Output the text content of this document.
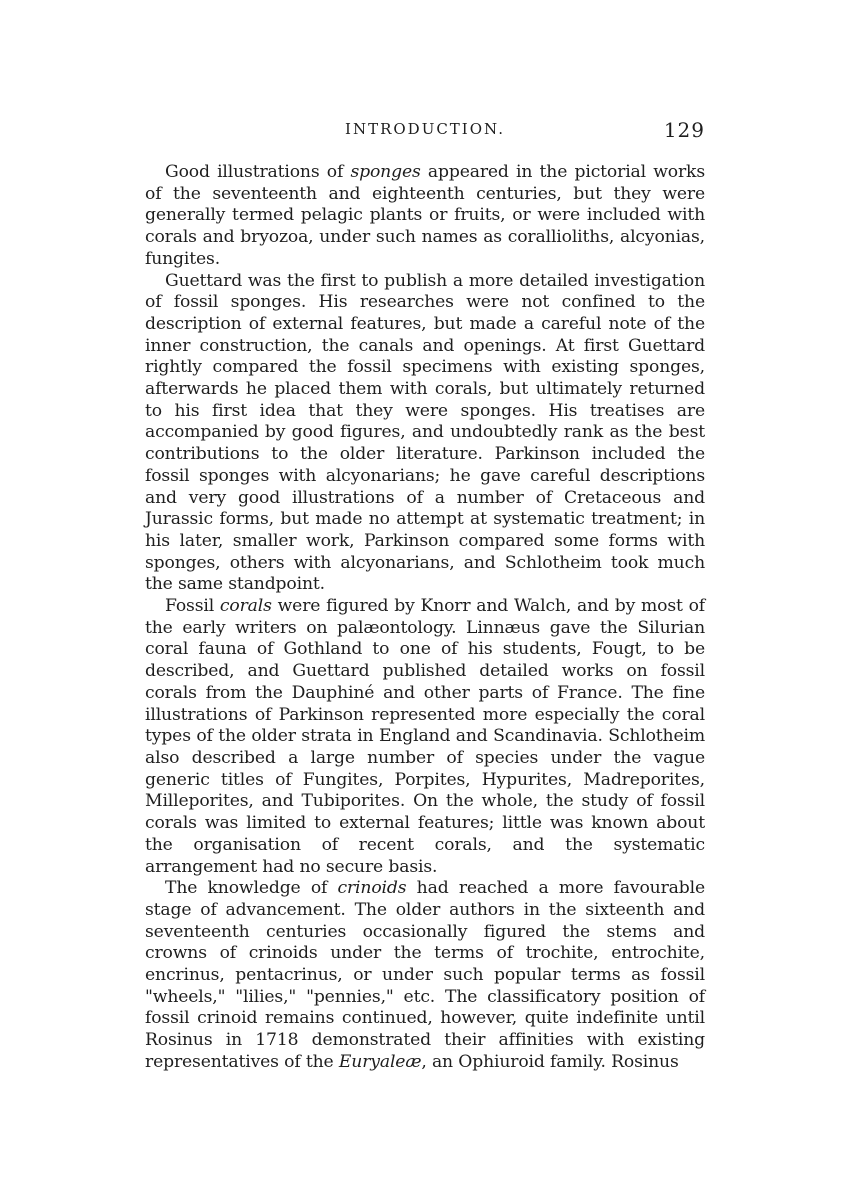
INTRODUCTION.	129

Good illustrations of sponges appeared in the pictorial works of the seventeenth and eighteenth centuries, but they were generally termed pelagic plants or fruits, or were included with corals and bryozoa, under such names as corallioliths, alcyonias, fungites.

Guettard was the first to publish a more detailed investigation of fossil sponges. His researches were not confined to the description of external features, but made a careful note of the inner construction, the canals and openings. At first Guettard rightly compared the fossil specimens with existing sponges, afterwards he placed them with corals, but ultimately returned to his first idea that they were sponges. His treatises are accompanied by good figures, and undoubtedly rank as the best contributions to the older literature. Parkinson included the fossil sponges with alcyonarians; he gave careful descriptions and very good illustrations of a number of Cretaceous and Jurassic forms, but made no attempt at systematic treatment; in his later, smaller work, Parkinson compared some forms with sponges, others with alcyonarians, and Schlotheim took much the same standpoint.

Fossil corals were figured by Knorr and Walch, and by most of the early writers on palæontology. Linnæus gave the Silurian coral fauna of Gothland to one of his students, Fougt, to be described, and Guettard published detailed works on fossil corals from the Dauphiné and other parts of France. The fine illustrations of Parkinson represented more especially the coral types of the older strata in England and Scandinavia. Schlotheim also described a large number of species under the vague generic titles of Fungites, Porpites, Hypurites, Madreporites, Milleporites, and Tubiporites. On the whole, the study of fossil corals was limited to external features; little was known about the organisation of recent corals, and the systematic arrangement had no secure basis.

The knowledge of crinoids had reached a more favourable stage of advancement. The older authors in the sixteenth and seventeenth centuries occasionally figured the stems and crowns of crinoids under the terms of trochite, entrochite, encrinus, pentacrinus, or under such popular terms as fossil "wheels," "lilies," "pennies," etc. The classificatory position of fossil crinoid remains continued, however, quite indefinite until Rosinus in 1718 demonstrated their affinities with existing representatives of the Euryaleæ, an Ophiuroid family. Rosinus
